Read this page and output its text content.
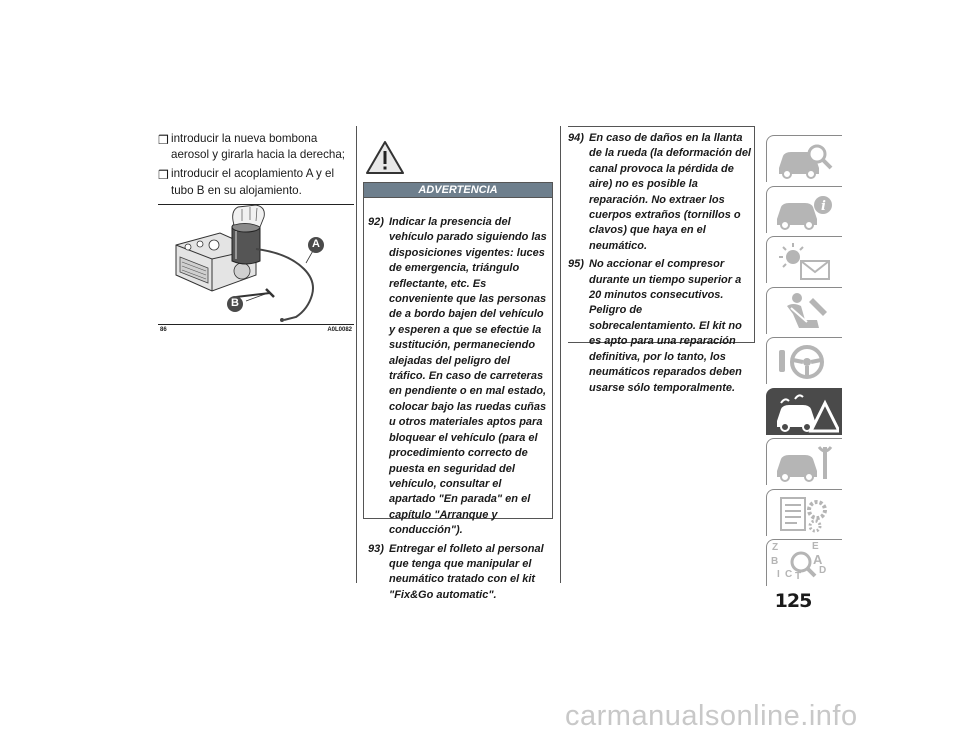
❒ introducir la nueva bombona aerosol y girarla hacia la derecha;
❒ introducir el acoplamiento A y el tubo B en su alojamiento.
A
B
86	A0L0082
ADVERTENCIA
92) Indicar la presencia del vehículo parado siguiendo las disposiciones vigentes: luces de emergencia, triángulo reflectante, etc. Es conveniente que las personas de a bordo bajen del vehículo y esperen a que se efectúe la sustitución, permaneciendo alejadas del peligro del tráfico. En caso de carreteras en pendiente o en mal estado, colocar bajo las ruedas cuñas u otros materiales aptos para bloquear el vehículo (para el procedimiento correcto de puesta en seguridad del vehículo, consultar el apartado "En parada" en el capítulo "Arranque y conducción").
93) Entregar el folleto al personal que tenga que manipular el neumático tratado con el kit "Fix&Go automatic".
94) En caso de daños en la llanta de la rueda (la deformación del canal provoca la pérdida de aire) no es posible la reparación. No extraer los cuerpos extraños (tornillos o clavos) que haya en el neumático.
95) No accionar el compresor durante un tiempo superior a 20 minutos consecutivos. Peligro de sobrecalentamiento. El kit no es apto para una reparación definitiva, por lo tanto, los neumáticos reparados deben usarse sólo temporalmente.
i
Z	E
B	A
C	D
T
I
125
carmanualsonline.info
